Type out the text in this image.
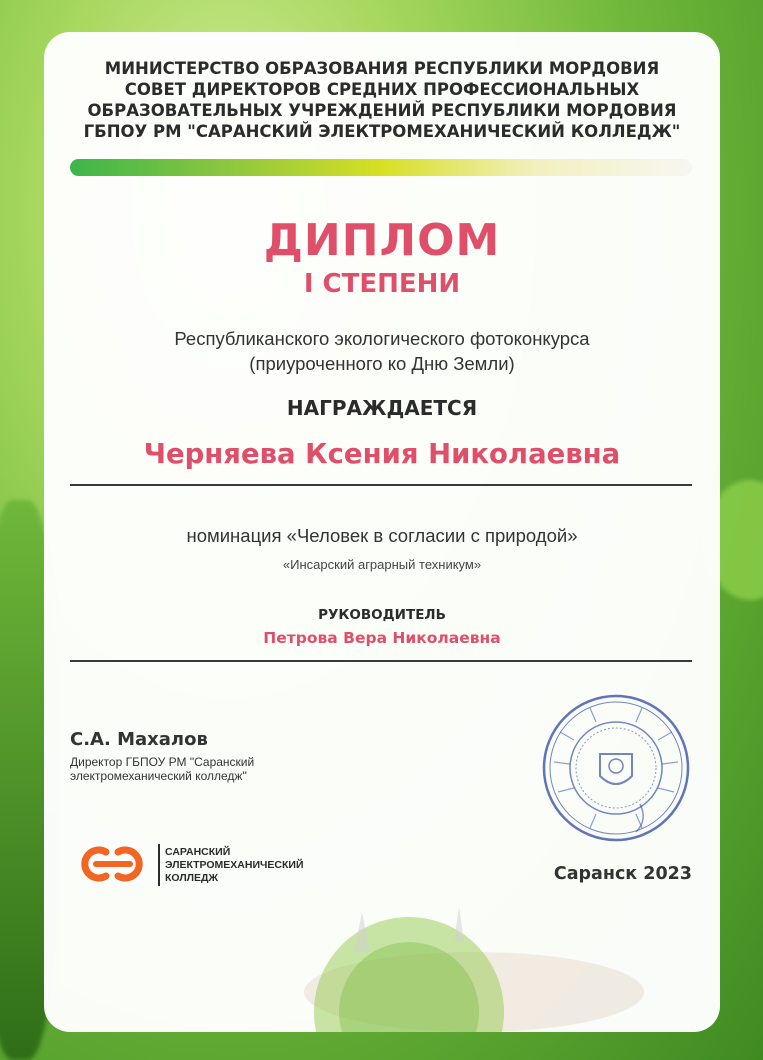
МИНИСТЕРСТВО ОБРАЗОВАНИЯ РЕСПУБЛИКИ МОРДОВИЯ
СОВЕТ ДИРЕКТОРОВ СРЕДНИХ ПРОФЕССИОНАЛЬНЫХ
ОБРАЗОВАТЕЛЬНЫХ УЧРЕЖДЕНИЙ РЕСПУБЛИКИ МОРДОВИЯ
ГБПОУ РМ "САРАНСКИЙ ЭЛЕКТРОМЕХАНИЧЕСКИЙ КОЛЛЕДЖ"
ДИПЛОМ
I СТЕПЕНИ
Республиканского экологического фотоконкурса
(приуроченного ко Дню Земли)
НАГРАЖДАЕТСЯ
Черняева Ксения Николаевна
номинация «Человек в согласии с природой»
«Инсарский аграрный техникум»
РУКОВОДИТЕЛЬ
Петрова Вера Николаевна
С.А. Махалов
Директор ГБПОУ РМ "Саранский
электромеханический колледж"
САРАНСКИЙ
ЭЛЕКТРОМЕХАНИЧЕСКИЙ
КОЛЛЕДЖ	Саранск 2023
